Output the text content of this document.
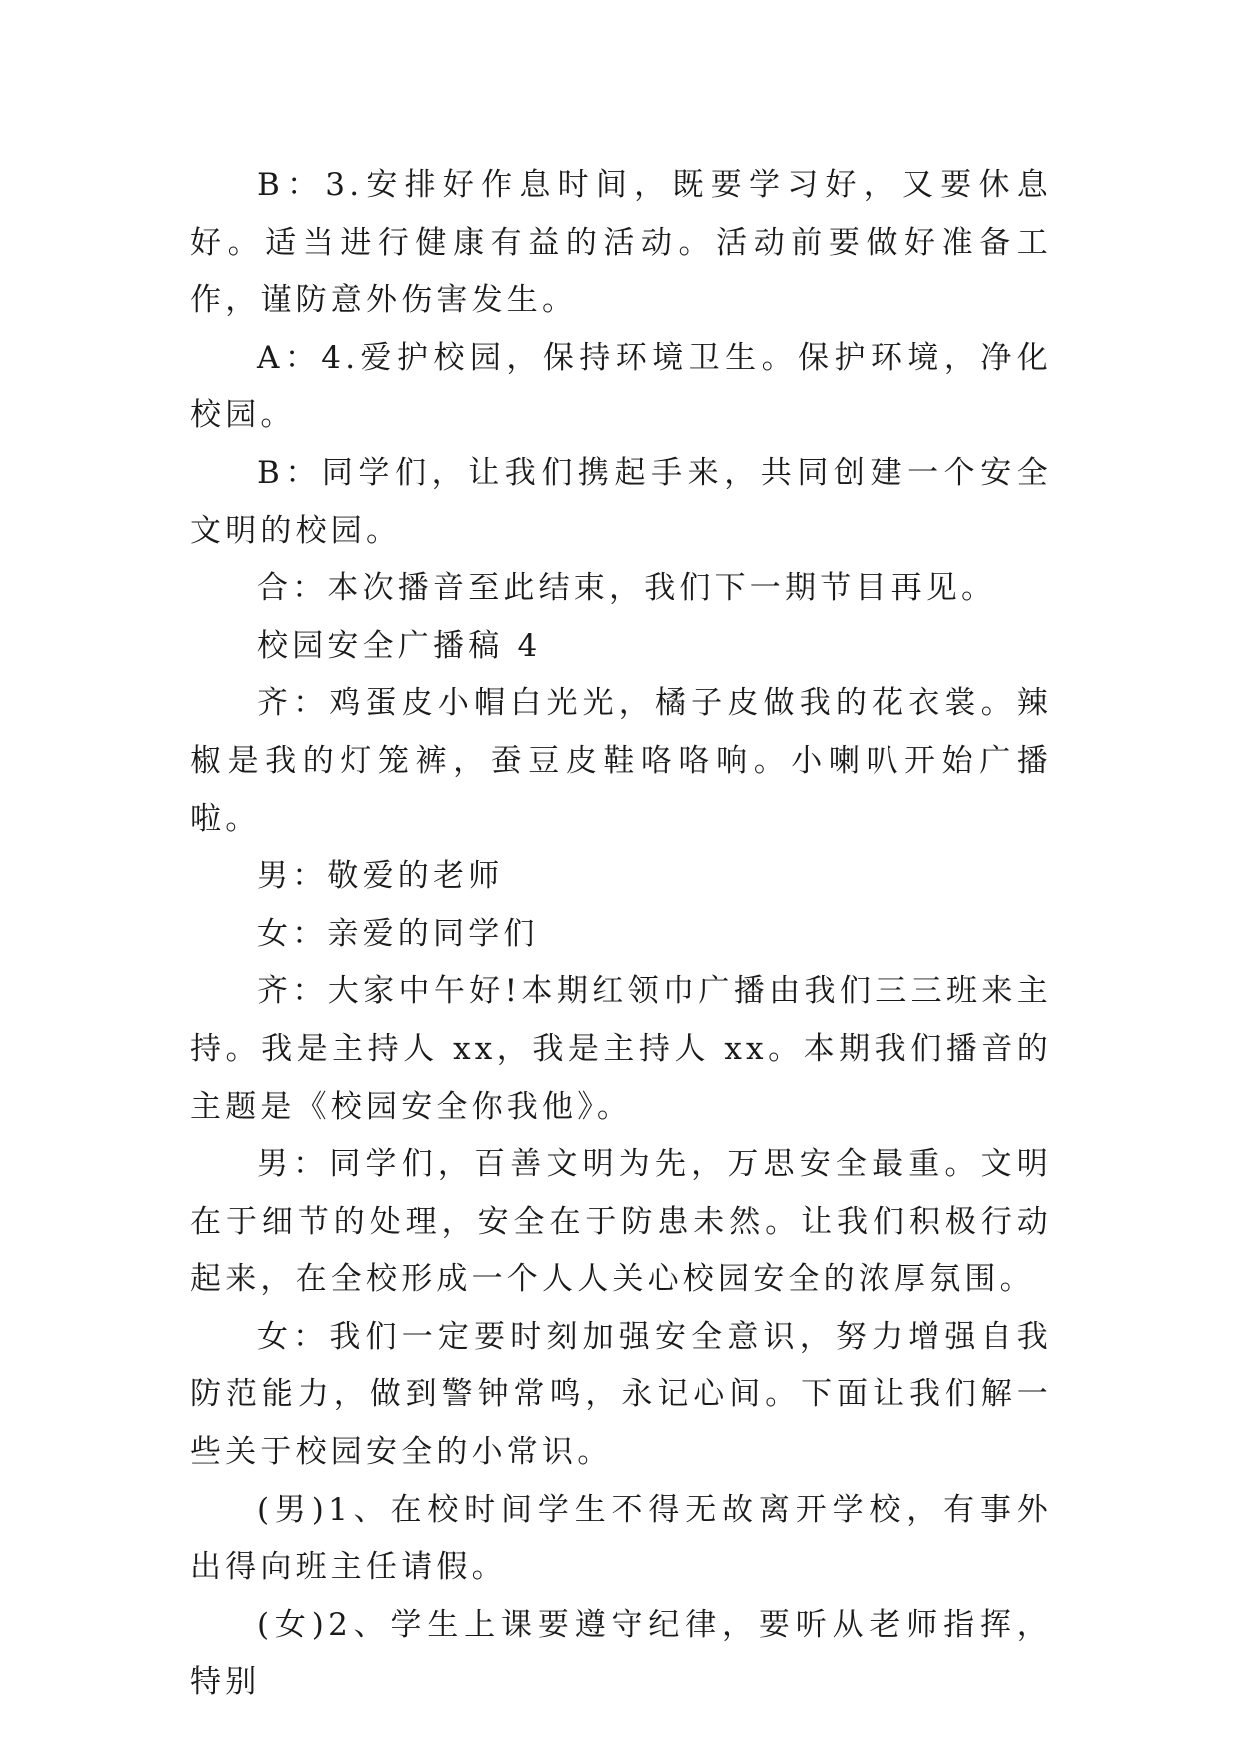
B：3.安排好作息时间，既要学习好，又要休息好。适当进行健康有益的活动。活动前要做好准备工作，谨防意外伤害发生。

A：4.爱护校园，保持环境卫生。保护环境，净化校园。

B：同学们，让我们携起手来，共同创建一个安全文明的校园。

合：本次播音至此结束，我们下一期节目再见。

校园安全广播稿 4

齐：鸡蛋皮小帽白光光，橘子皮做我的花衣裳。辣椒是我的灯笼裤，蚕豆皮鞋咯咯响。小喇叭开始广播啦。

男：敬爱的老师

女：亲爱的同学们

齐：大家中午好!本期红领巾广播由我们三三班来主持。我是主持人 xx，我是主持人 xx。本期我们播音的主题是《校园安全你我他》。

男：同学们，百善文明为先，万思安全最重。文明在于细节的处理，安全在于防患未然。让我们积极行动起来，在全校形成一个人人关心校园安全的浓厚氛围。

女：我们一定要时刻加强安全意识，努力增强自我防范能力，做到警钟常鸣，永记心间。下面让我们解一些关于校园安全的小常识。

(男)1、在校时间学生不得无故离开学校，有事外出得向班主任请假。

(女)2、学生上课要遵守纪律，要听从老师指挥，特别
